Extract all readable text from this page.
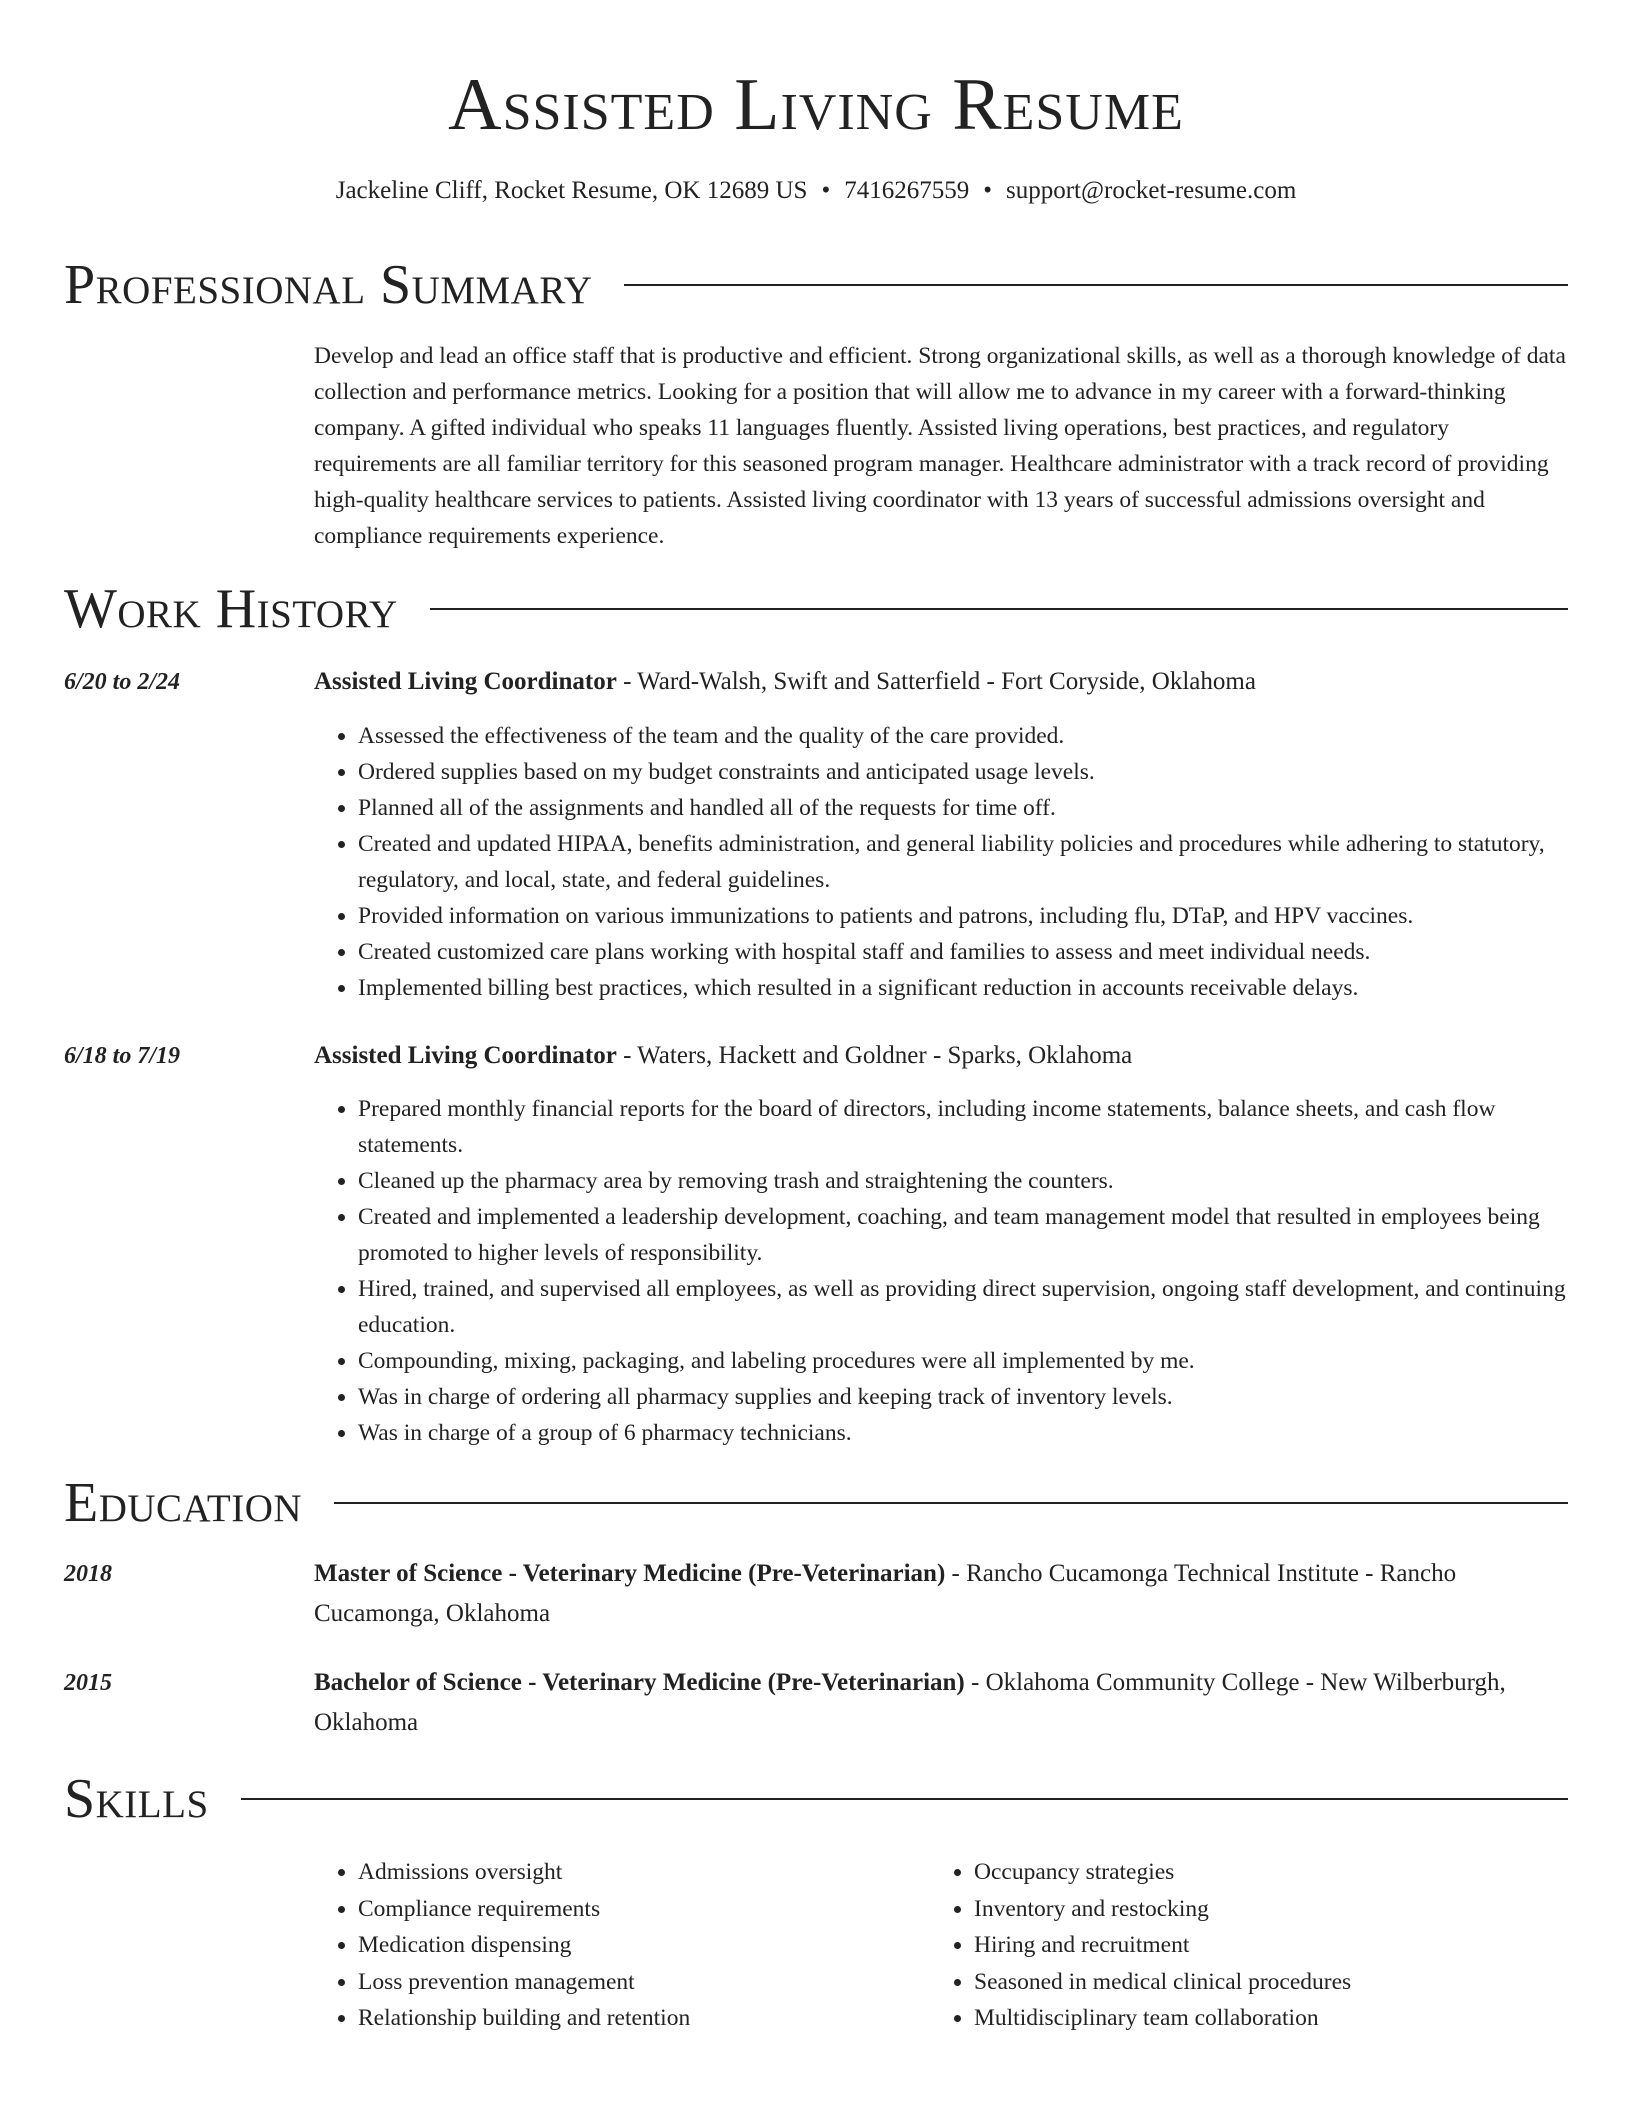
Assisted Living Resume
Jackeline Cliff, Rocket Resume, OK 12689 US • 7416267559 • support@rocket-resume.com
Professional Summary

Develop and lead an office staff that is productive and efficient. Strong organizational skills, as well as a thorough knowledge of data collection and performance metrics. Looking for a position that will allow me to advance in my career with a forward-thinking company. A gifted individual who speaks 11 languages fluently. Assisted living operations, best practices, and regulatory requirements are all familiar territory for this seasoned program manager. Healthcare administrator with a track record of providing high-quality healthcare services to patients. Assisted living coordinator with 13 years of successful admissions oversight and compliance requirements experience.

Work History
6/20 to 2/24	Assisted Living Coordinator - Ward-Walsh, Swift and Satterfield - Fort Coryside, Oklahoma

• Assessed the effectiveness of the team and the quality of the care provided.
• Ordered supplies based on my budget constraints and anticipated usage levels.
• Planned all of the assignments and handled all of the requests for time off.
• Created and updated HIPAA, benefits administration, and general liability policies and procedures while adhering to statutory, regulatory, and local, state, and federal guidelines.
• Provided information on various immunizations to patients and patrons, including flu, DTaP, and HPV vaccines.
• Created customized care plans working with hospital staff and families to assess and meet individual needs.
• Implemented billing best practices, which resulted in a significant reduction in accounts receivable delays.
6/18 to 7/19	Assisted Living Coordinator - Waters, Hackett and Goldner - Sparks, Oklahoma

• Prepared monthly financial reports for the board of directors, including income statements, balance sheets, and cash flow statements.
• Cleaned up the pharmacy area by removing trash and straightening the counters.
• Created and implemented a leadership development, coaching, and team management model that resulted in employees being promoted to higher levels of responsibility.
• Hired, trained, and supervised all employees, as well as providing direct supervision, ongoing staff development, and continuing education.
• Compounding, mixing, packaging, and labeling procedures were all implemented by me.
• Was in charge of ordering all pharmacy supplies and keeping track of inventory levels.
• Was in charge of a group of 6 pharmacy technicians.
Education
2018	Master of Science - Veterinary Medicine (Pre-Veterinarian) - Rancho Cucamonga Technical Institute - Rancho Cucamonga, Oklahoma

2015	Bachelor of Science - Veterinary Medicine (Pre-Veterinarian) - Oklahoma Community College - New Wilberburgh, Oklahoma

Skills
• Admissions oversight
• Compliance requirements
• Medication dispensing
• Loss prevention management
• Relationship building and retention
• Occupancy strategies
• Inventory and restocking
• Hiring and recruitment
• Seasoned in medical clinical procedures
• Multidisciplinary team collaboration
